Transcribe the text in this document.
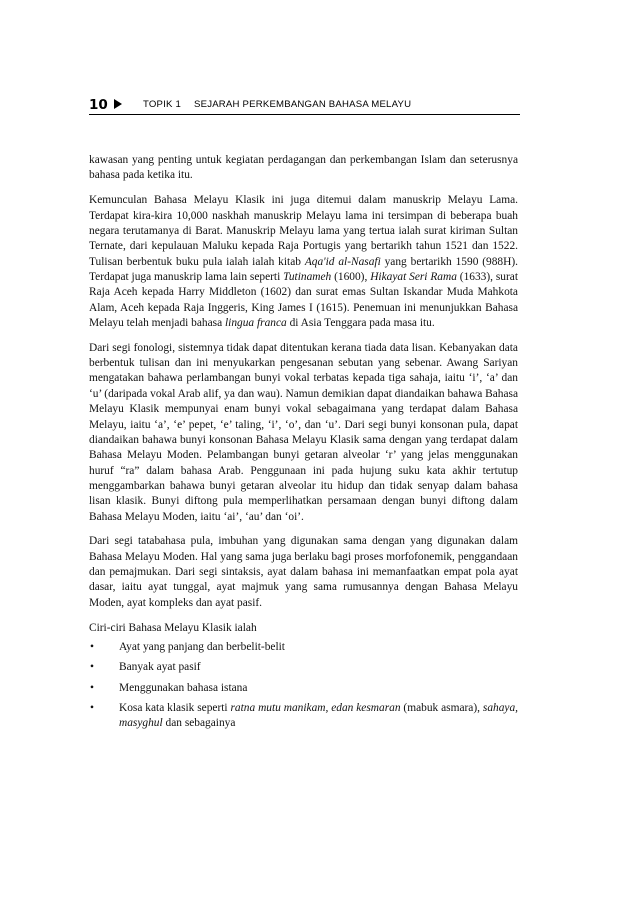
10	TOPIK 1 SEJARAH PERKEMBANGAN BAHASA MELAYU

kawasan yang penting untuk kegiatan perdagangan dan perkembangan Islam dan seterusnya bahasa pada ketika itu.

Kemunculan Bahasa Melayu Klasik ini juga ditemui dalam manuskrip Melayu Lama. Terdapat kira-kira 10,000 naskhah manuskrip Melayu lama ini tersimpan di beberapa buah negara terutamanya di Barat. Manuskrip Melayu lama yang tertua ialah surat kiriman Sultan Ternate, dari kepulauan Maluku kepada Raja Portugis yang bertarikh tahun 1521 dan 1522. Tulisan berbentuk buku pula ialah ialah kitab Aqa'id al-Nasafi yang bertarikh 1590 (988H). Terdapat juga manuskrip lama lain seperti Tutinameh (1600), Hikayat Seri Rama (1633), surat Raja Aceh kepada Harry Middleton (1602) dan surat emas Sultan Iskandar Muda Mahkota Alam, Aceh kepada Raja Inggeris, King James I (1615). Penemuan ini menunjukkan Bahasa Melayu telah menjadi bahasa lingua franca di Asia Tenggara pada masa itu.

Dari segi fonologi, sistemnya tidak dapat ditentukan kerana tiada data lisan. Kebanyakan data berbentuk tulisan dan ini menyukarkan pengesanan sebutan yang sebenar. Awang Sariyan mengatakan bahawa perlambangan bunyi vokal terbatas kepada tiga sahaja, iaitu ‘i’, ‘a’ dan ‘u’ (daripada vokal Arab alif, ya dan wau). Namun demikian dapat diandaikan bahawa Bahasa Melayu Klasik mempunyai enam bunyi vokal sebagaimana yang terdapat dalam Bahasa Melayu, iaitu ‘a’, ‘e’ pepet, ‘e’ taling, ‘i’, ‘o’, dan ‘u’. Dari segi bunyi konsonan pula, dapat diandaikan bahawa bunyi konsonan Bahasa Melayu Klasik sama dengan yang terdapat dalam Bahasa Melayu Moden. Pelambangan bunyi getaran alveolar ‘r’ yang jelas menggunakan huruf “ra” dalam bahasa Arab. Penggunaan ini pada hujung suku kata akhir tertutup menggambarkan bahawa bunyi getaran alveolar itu hidup dan tidak senyap dalam bahasa lisan klasik. Bunyi diftong pula memperlihatkan persamaan dengan bunyi diftong dalam Bahasa Melayu Moden, iaitu ‘ai’, ‘au’ dan ‘oi’.

Dari segi tatabahasa pula, imbuhan yang digunakan sama dengan yang digunakan dalam Bahasa Melayu Moden. Hal yang sama juga berlaku bagi proses morfofonemik, penggandaan dan pemajmukan. Dari segi sintaksis, ayat dalam bahasa ini memanfaatkan empat pola ayat dasar, iaitu ayat tunggal, ayat majmuk yang sama rumusannya dengan Bahasa Melayu Moden, ayat kompleks dan ayat pasif.

Ciri-ciri Bahasa Melayu Klasik ialah

• Ayat yang panjang dan berbelit-belit
• Banyak ayat pasif
• Menggunakan bahasa istana
• Kosa kata klasik seperti ratna mutu manikam, edan kesmaran (mabuk asmara), sahaya, masyghul dan sebagainya
